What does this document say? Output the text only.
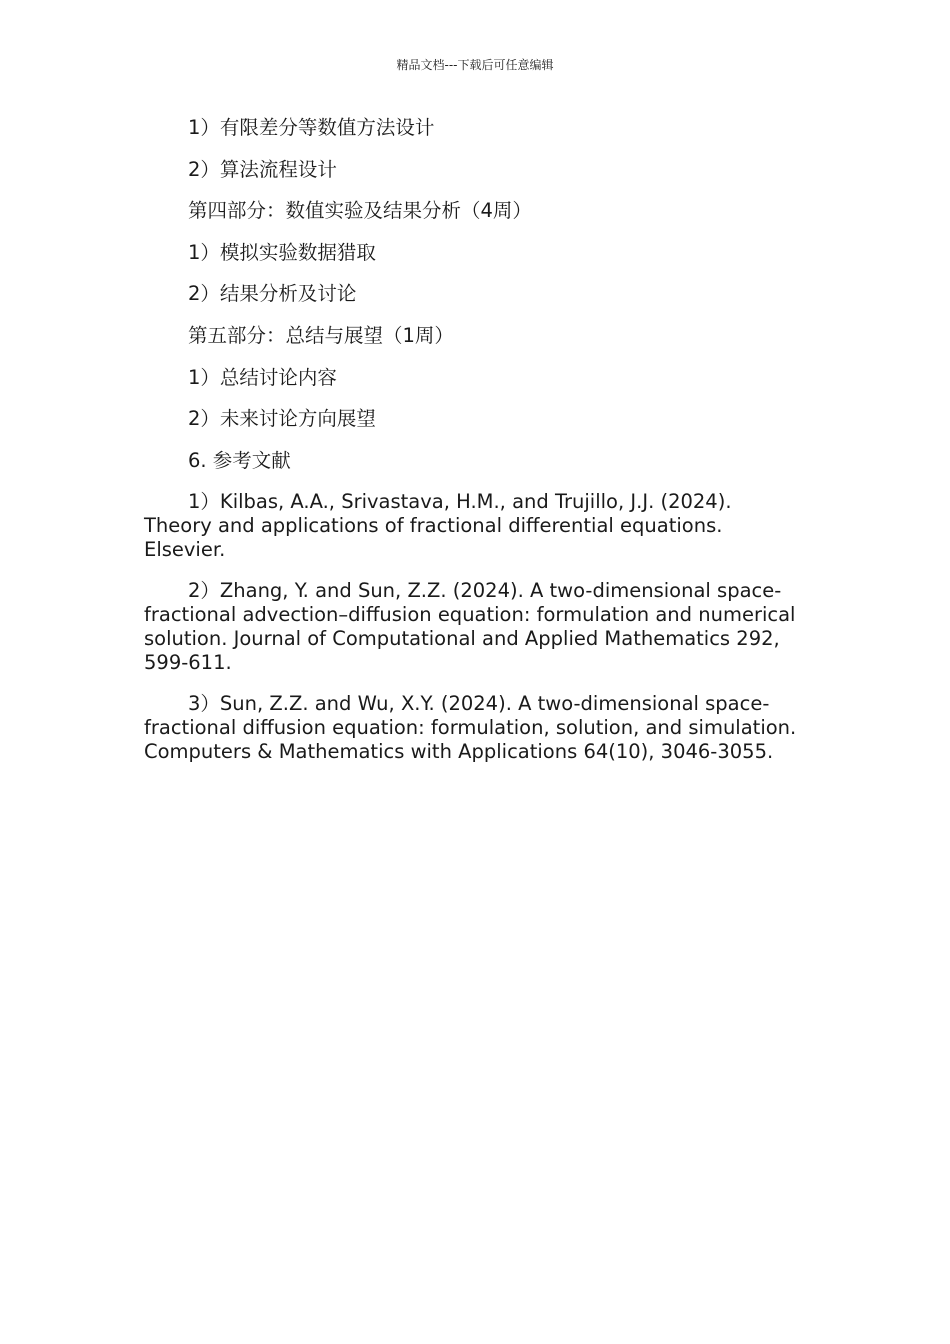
精品文档---下载后可任意编辑

1）有限差分等数值方法设计

2）算法流程设计

第四部分：数值实验及结果分析（4周）

1）模拟实验数据猎取

2）结果分析及讨论

第五部分：总结与展望（1周）

1）总结讨论内容

2）未来讨论方向展望

6. 参考文献

1）Kilbas, A.A., Srivastava, H.M., and Trujillo, J.J. (2024). Theory and applications of fractional differential equations. Elsevier.

2）Zhang, Y. and Sun, Z.Z. (2024). A two-dimensional space-fractional advection–diffusion equation: formulation and numerical solution. Journal of Computational and Applied Mathematics 292, 599-611.

3）Sun, Z.Z. and Wu, X.Y. (2024). A two-dimensional space-fractional diffusion equation: formulation, solution, and simulation. Computers & Mathematics with Applications 64(10), 3046-3055.
